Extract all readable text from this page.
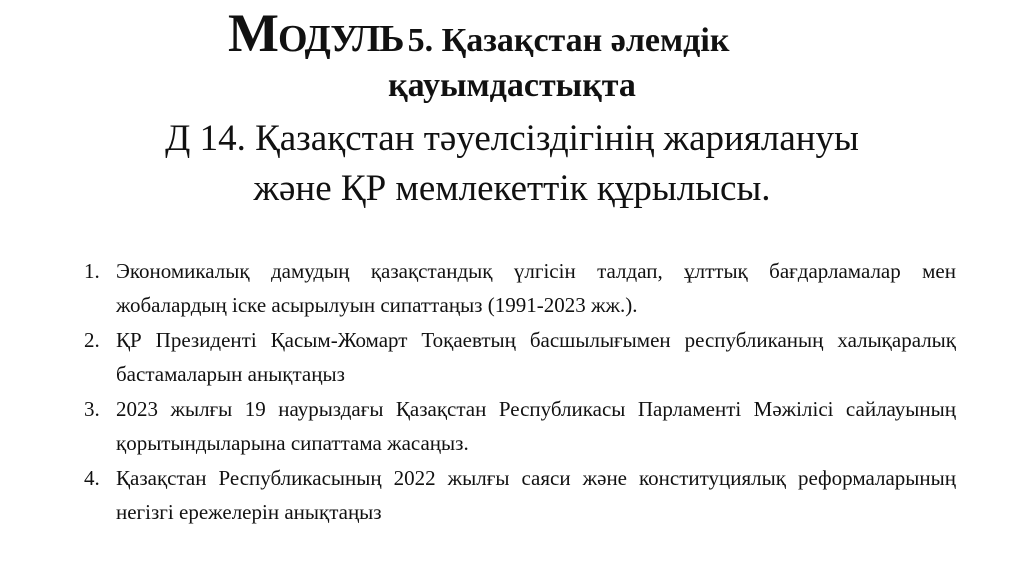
Модуль 5. Қазақстан әлемдік
қауымдастықта
Д 14. Қазақстан тәуелсіздігінің жариялануы
және ҚР мемлекеттік құрылысы.
1. Экономикалық дамудың қазақстандық үлгісін талдап, ұлттық бағдарламалар мен жобалардың іске асырылуын сипаттаңыз (1991-2023 жж.).
2. ҚР Президенті Қасым-Жомарт Тоқаевтың басшылығымен республиканың халықаралық бастамаларын анықтаңыз
3. 2023 жылғы 19 наурыздағы Қазақстан Республикасы Парламенті Мәжілісі сайлауының қорытындыларына сипаттама жасаңыз.
4. Қазақстан Республикасының 2022 жылғы саяси және конституциялық реформаларының негізгі ережелерін анықтаңыз
